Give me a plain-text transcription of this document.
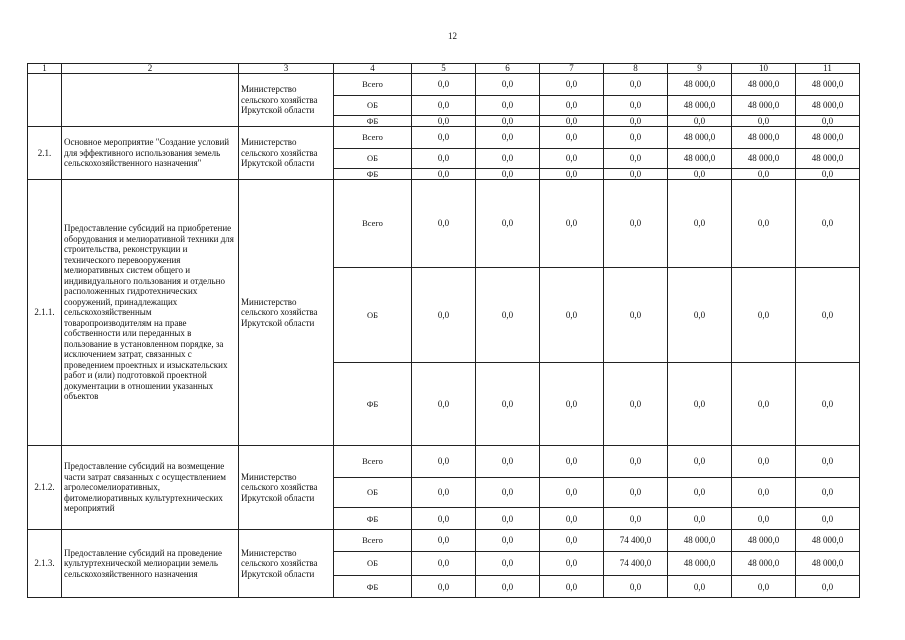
12
1	2	3	4	5	6	7	8	9	10	11
		Министерство сельского хозяйства Иркутской области	Всего	0,0	0,0	0,0	0,0	48 000,0	48 000,0	48 000,0
			ОБ	0,0	0,0	0,0	0,0	48 000,0	48 000,0	48 000,0
			ФБ	0,0	0,0	0,0	0,0	0,0	0,0	0,0
2.1.	Основное мероприятие "Создание условий для эффективного использования земель сельскохозяйственного назначения"	Министерство сельского хозяйства Иркутской области	Всего	0,0	0,0	0,0	0,0	48 000,0	48 000,0	48 000,0
			ОБ	0,0	0,0	0,0	0,0	48 000,0	48 000,0	48 000,0
			ФБ	0,0	0,0	0,0	0,0	0,0	0,0	0,0
2.1.1.	Предоставление субсидий на приобретение оборудования и мелиоративной техники для строительства, реконструкции и технического перевооружения мелиоративных систем общего и индивидуального пользования и отдельно расположенных гидротехнических сооружений, принадлежащих сельскохозяйственным товаропроизводителям на праве собственности или переданных в пользование в установленном порядке, за исключением затрат, связанных с проведением проектных и изыскательских работ и (или) подготовкой проектной документации в отношении указанных объектов	Министерство сельского хозяйства Иркутской области	Всего	0,0	0,0	0,0	0,0	0,0	0,0	0,0
			ОБ	0,0	0,0	0,0	0,0	0,0	0,0	0,0
			ФБ	0,0	0,0	0,0	0,0	0,0	0,0	0,0
2.1.2.	Предоставление субсидий на возмещение части затрат связанных с осуществлением агролесомелиоративных, фитомелиоративных культуртехнических мероприятий	Министерство сельского хозяйства Иркутской области	Всего	0,0	0,0	0,0	0,0	0,0	0,0	0,0
			ОБ	0,0	0,0	0,0	0,0	0,0	0,0	0,0
			ФБ	0,0	0,0	0,0	0,0	0,0	0,0	0,0
2.1.3.	Предоставление субсидий на проведение культуртехнической мелиорации земель сельскохозяйственного назначения	Министерство сельского хозяйства Иркутской области	Всего	0,0	0,0	0,0	74 400,0	48 000,0	48 000,0	48 000,0
			ОБ	0,0	0,0	0,0	74 400,0	48 000,0	48 000,0	48 000,0
			ФБ	0,0	0,0	0,0	0,0	0,0	0,0	0,0
